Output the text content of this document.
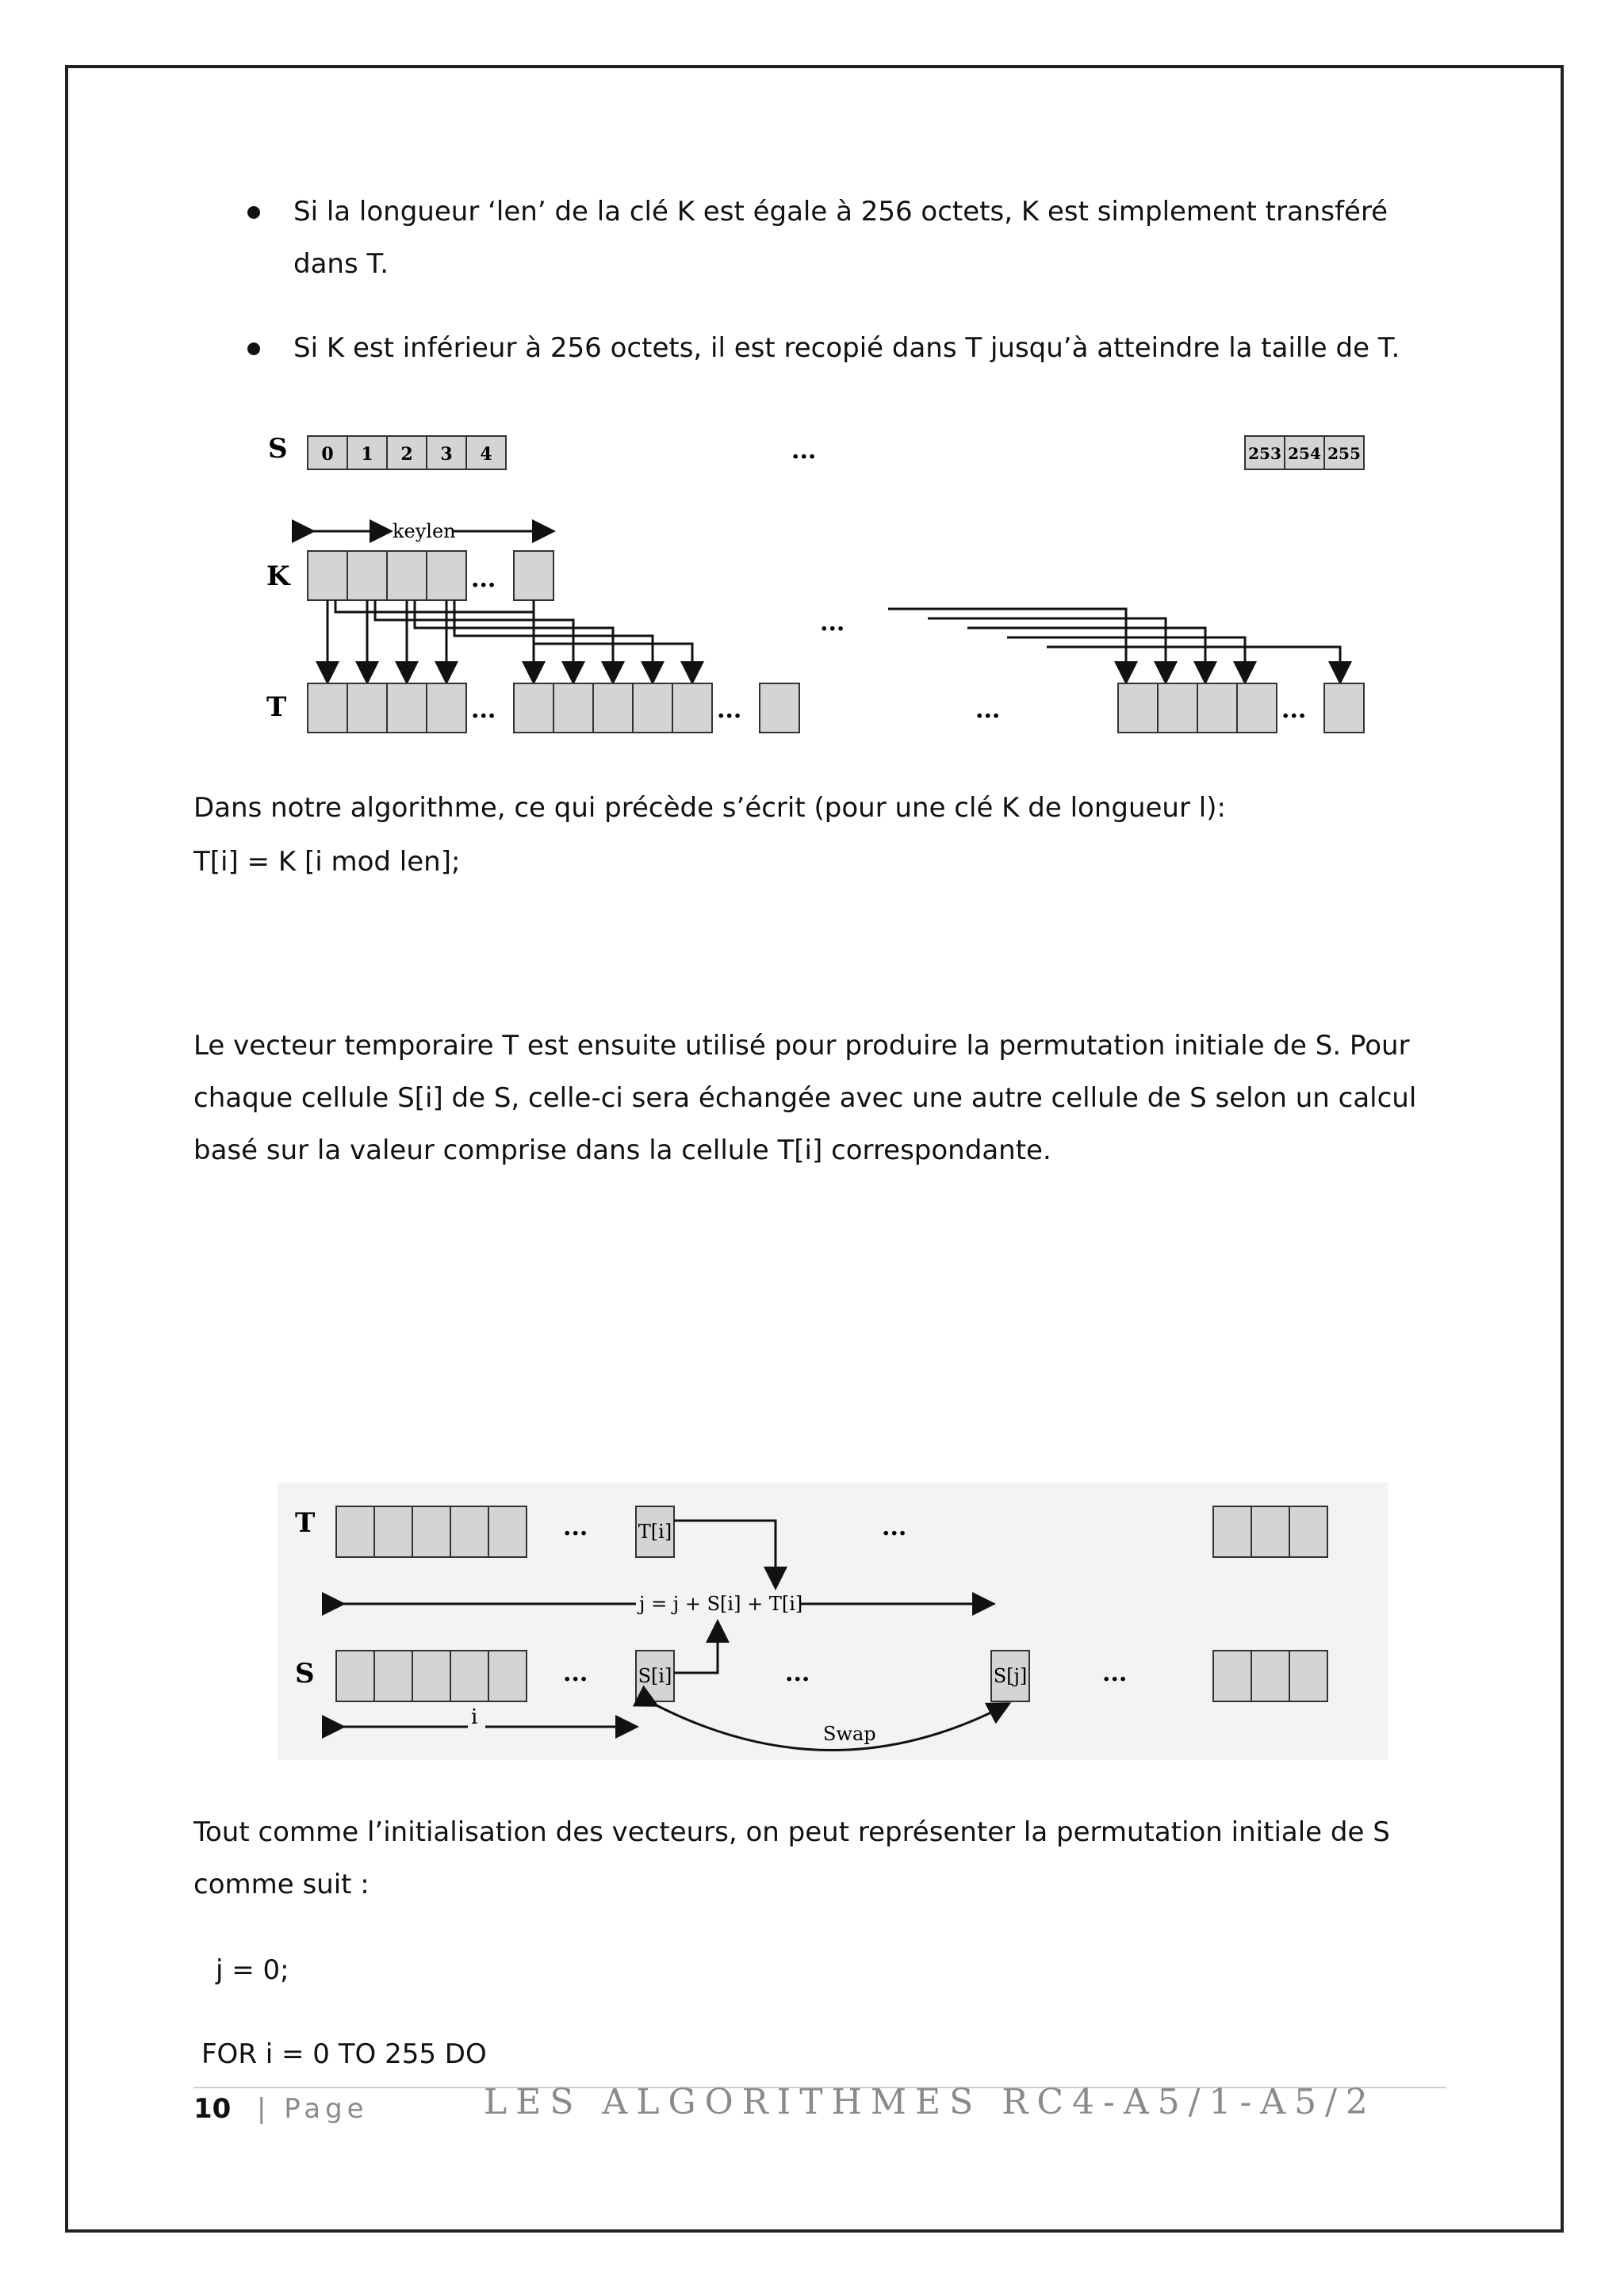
Si la longueur ‘len’ de la clé K est égale à 256 octets, K est simplement transféré dans T.
Si K est inférieur à 256 octets, il est recopié dans T jusqu’à atteindre la taille de T.
S 0 1 2 3 4	...	253 254 255
keylen
K	...
...
T	...	...	...	...
Dans notre algorithme, ce qui précède s’écrit (pour une clé K de longueur l):
T[i] = K [i mod len];
Le vecteur temporaire T est ensuite utilisé pour produire la permutation initiale de S. Pour chaque cellule S[i] de S, celle-ci sera échangée avec une autre cellule de S selon un calcul basé sur la valeur comprise dans la cellule T[i] correspondante.
T	...	...
T[i]
j = j + S[i] + T[i]
S	...	...	...
S[i]	S[j]
i
Swap
Tout comme l’initialisation des vecteurs, on peut représenter la permutation initiale de S comme suit :
j = 0;
FOR i = 0 TO 255 DO
10 | Page	LES ALGORITHMES RC4-A5/1-A5/2
